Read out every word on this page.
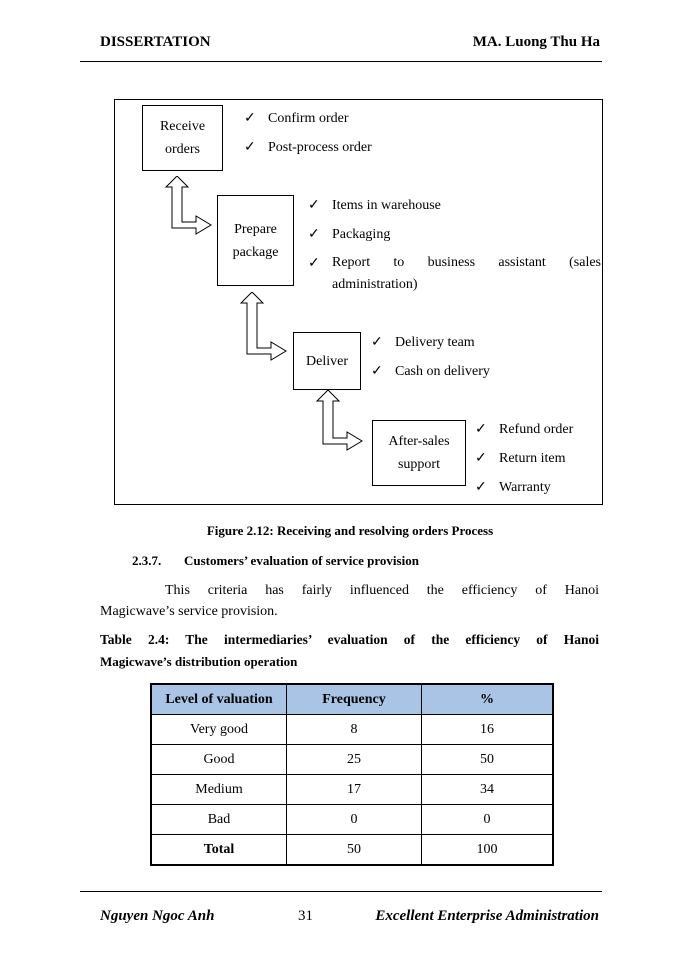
DISSERTATION	MA. Luong Thu Ha
Receive
orders
Prepare
package
Deliver
After-sales
support
✓ Confirm order
✓ Post-process order
✓ Items in warehouse
✓ Packaging
✓ Report to business assistant (sales
administration)
✓ Delivery team
✓ Cash on delivery
✓ Refund order
✓ Return item
✓ Warranty
Figure 2.12: Receiving and resolving orders Process
2.3.7. Customers’ evaluation of service provision
This criteria has fairly influenced the efficiency of Hanoi
Magicwave’s service provision.
Table 2.4: The intermediaries’ evaluation of the efficiency of Hanoi
Magicwave’s distribution operation
Level of valuation	Frequency	%
Very good	8	16
Good	25	50
Medium	17	34
Bad	0	0
Total	50	100
Nguyen Ngoc Anh	31	Excellent Enterprise Administration
